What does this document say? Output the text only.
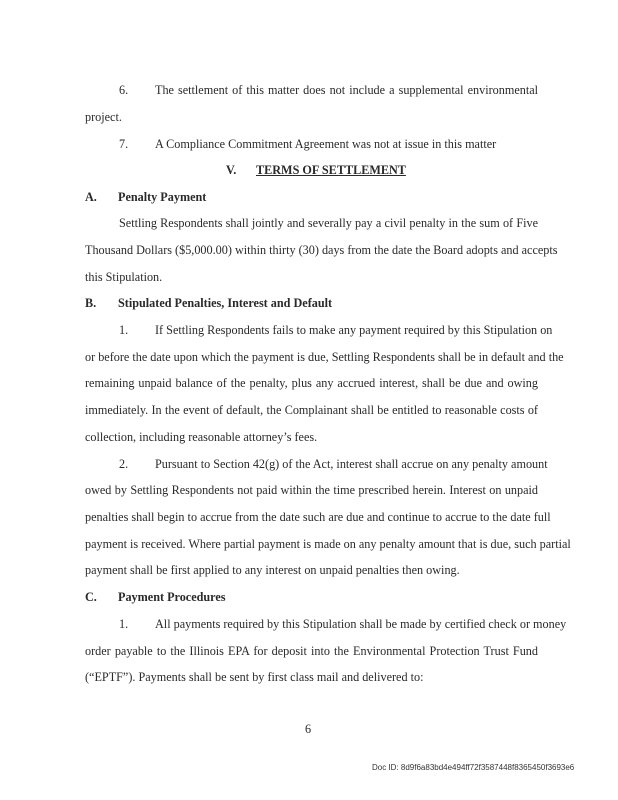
6. The settlement of this matter does not include a supplemental environmental
project.
7. A Compliance Commitment Agreement was not at issue in this matter
V. TERMS OF SETTLEMENT
A. Penalty Payment
Settling Respondents shall jointly and severally pay a civil penalty in the sum of Five
Thousand Dollars ($5,000.00) within thirty (30) days from the date the Board adopts and accepts
this Stipulation.
B. Stipulated Penalties, Interest and Default
1. If Settling Respondents fails to make any payment required by this Stipulation on
or before the date upon which the payment is due, Settling Respondents shall be in default and the
remaining unpaid balance of the penalty, plus any accrued interest, shall be due and owing
immediately. In the event of default, the Complainant shall be entitled to reasonable costs of
collection, including reasonable attorney’s fees.
2. Pursuant to Section 42(g) of the Act, interest shall accrue on any penalty amount
owed by Settling Respondents not paid within the time prescribed herein. Interest on unpaid
penalties shall begin to accrue from the date such are due and continue to accrue to the date full
payment is received. Where partial payment is made on any penalty amount that is due, such partial
payment shall be first applied to any interest on unpaid penalties then owing.
C. Payment Procedures
1. All payments required by this Stipulation shall be made by certified check or money
order payable to the Illinois EPA for deposit into the Environmental Protection Trust Fund
(“EPTF”). Payments shall be sent by first class mail and delivered to:
6
Doc ID: 8d9f6a83bd4e494ff72f3587448f8365450f3693e6
